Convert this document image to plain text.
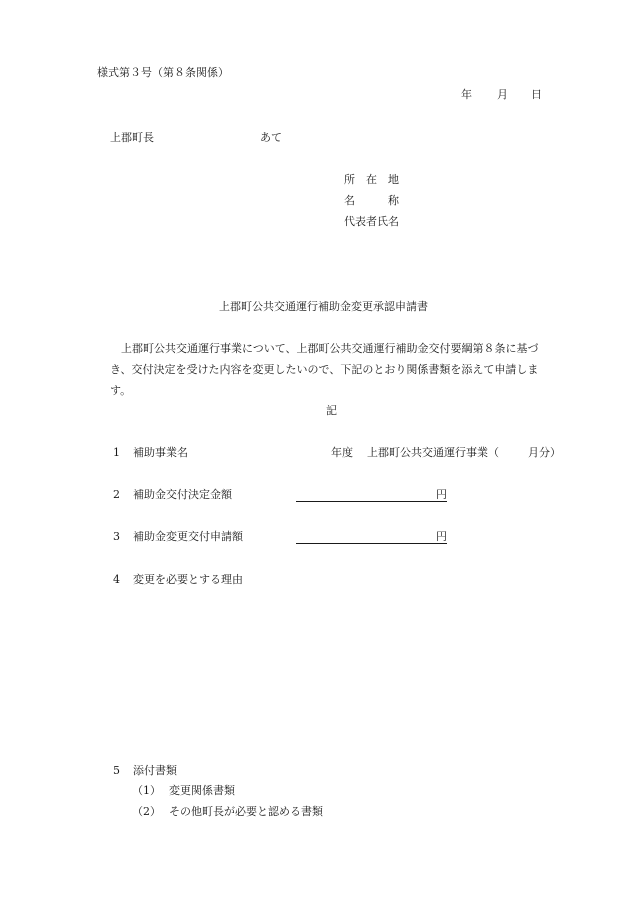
様式第３号（第８条関係）
年 月 日
上郡町長	あて
所　在　地
名　　　称
代表者氏名
上郡町公共交通運行補助金変更承認申請書
上郡町公共交通運行事業について、上郡町公共交通運行補助金交付要綱第８条に基づ
き、交付決定を受けた内容を変更したいので、下記のとおり関係書類を添えて申請しま
す。
記
1 補助事業名	年度 上郡町公共交通運行事業（	月分）
2 補助金交付決定金額	円
3 補助金変更交付申請額	円
4 変更を必要とする理由
5 添付書類
（1） 変更関係書類
（2） その他町長が必要と認める書類
